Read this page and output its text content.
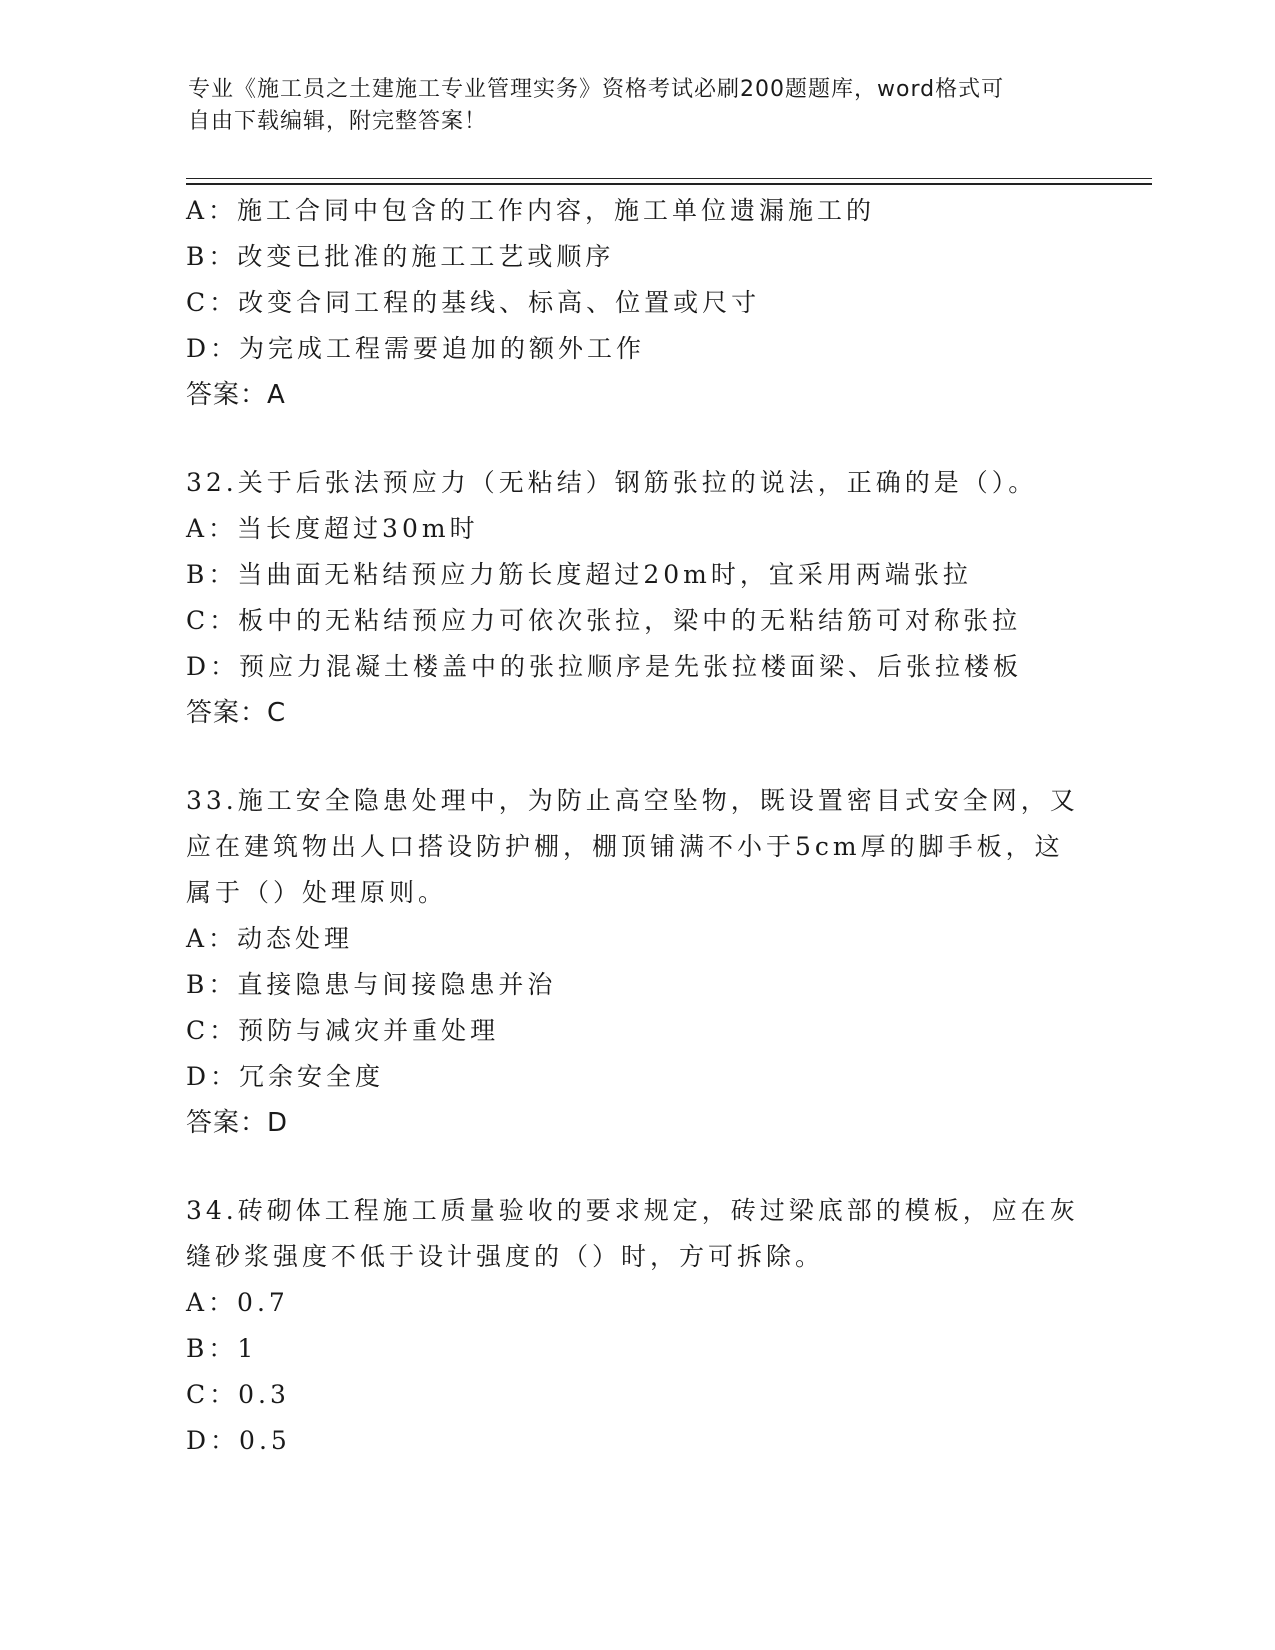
专业《施工员之土建施工专业管理实务》资格考试必刷200题题库，word格式可
自由下载编辑，附完整答案！
A：施工合同中包含的工作内容，施工单位遗漏施工的
B：改变已批准的施工工艺或顺序
C：改变合同工程的基线、标高、位置或尺寸
D：为完成工程需要追加的额外工作
答案：A
32.关于后张法预应力（无粘结）钢筋张拉的说法，正确的是（）。
A：当长度超过30m时
B：当曲面无粘结预应力筋长度超过20m时，宜采用两端张拉
C：板中的无粘结预应力可依次张拉，梁中的无粘结筋可对称张拉
D：预应力混凝土楼盖中的张拉顺序是先张拉楼面梁、后张拉楼板
答案：C
33.施工安全隐患处理中，为防止高空坠物，既设置密目式安全网，又
应在建筑物出人口搭设防护棚，棚顶铺满不小于5cm厚的脚手板，这
属于（）处理原则。
A：动态处理
B：直接隐患与间接隐患并治
C：预防与减灾并重处理
D：冗余安全度
答案：D
34.砖砌体工程施工质量验收的要求规定，砖过梁底部的模板，应在灰
缝砂浆强度不低于设计强度的（）时，方可拆除。
A：0.7
B：1
C：0.3
D：0.5
